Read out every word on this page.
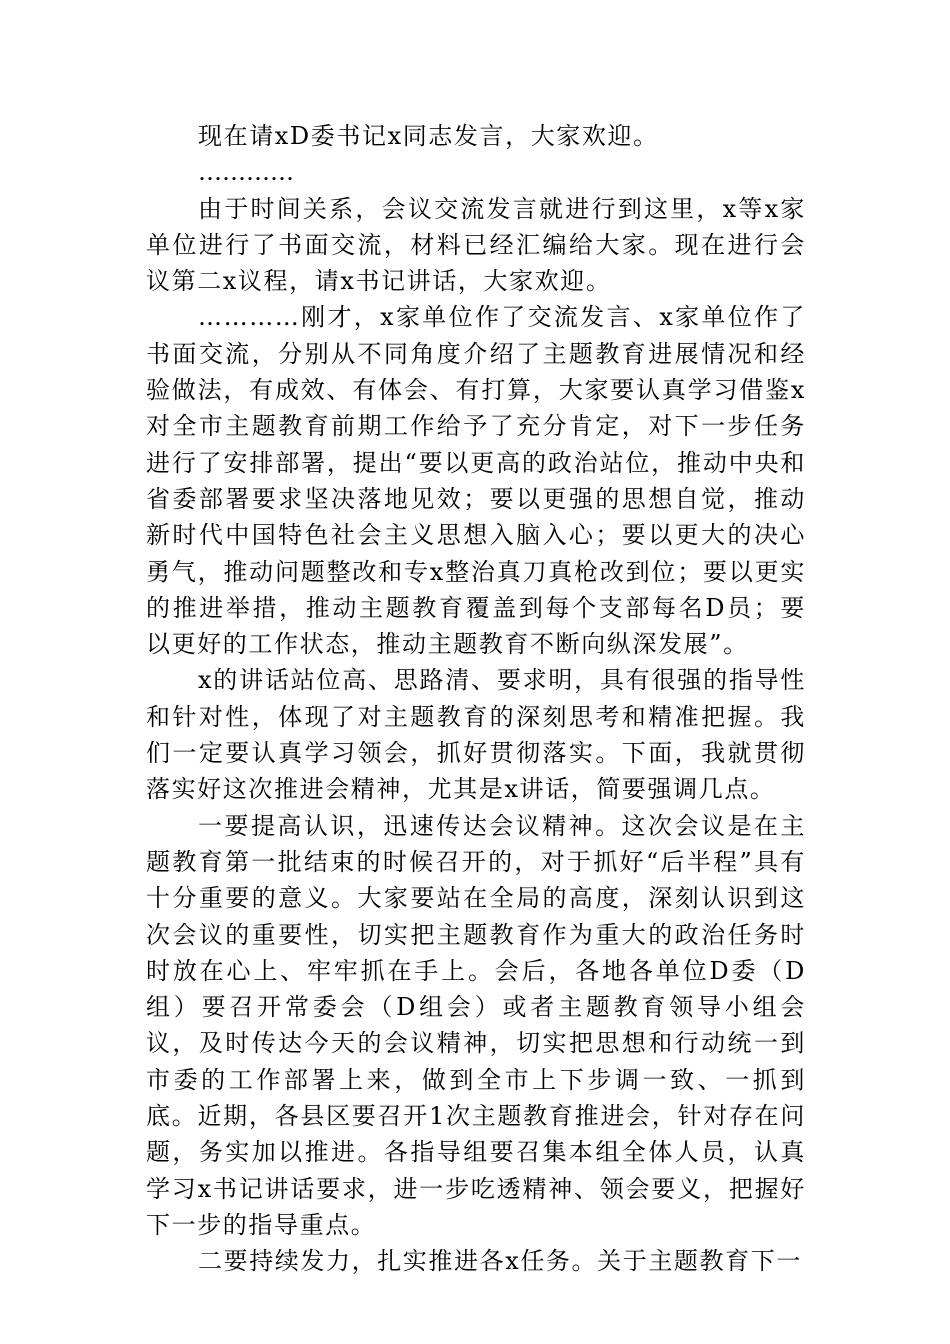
现在请xD委书记x同志发言，大家欢迎。

…………

由于时间关系，会议交流发言就进行到这里，x等x家单位进行了书面交流，材料已经汇编给大家。现在进行会议第二x议程，请x书记讲话，大家欢迎。

…………刚才，x家单位作了交流发言、x家单位作了书面交流，分别从不同角度介绍了主题教育进展情况和经验做法，有成效、有体会、有打算，大家要认真学习借鉴x对全市主题教育前期工作给予了充分肯定，对下一步任务进行了安排部署，提出“要以更高的政治站位，推动中央和省委部署要求坚决落地见效；要以更强的思想自觉，推动新时代中国特色社会主义思想入脑入心；要以更大的决心勇气，推动问题整改和专x整治真刀真枪改到位；要以更实的推进举措，推动主题教育覆盖到每个支部每名D员；要以更好的工作状态，推动主题教育不断向纵深发展”。

x的讲话站位高、思路清、要求明，具有很强的指导性和针对性，体现了对主题教育的深刻思考和精准把握。我们一定要认真学习领会，抓好贯彻落实。下面，我就贯彻落实好这次推进会精神，尤其是x讲话，简要强调几点。

一要提高认识，迅速传达会议精神。这次会议是在主题教育第一批结束的时候召开的，对于抓好“后半程”具有十分重要的意义。大家要站在全局的高度，深刻认识到这次会议的重要性，切实把主题教育作为重大的政治任务时时放在心上、牢牢抓在手上。会后，各地各单位D委（D组）要召开常委会（D组会）或者主题教育领导小组会议，及时传达今天的会议精神，切实把思想和行动统一到市委的工作部署上来，做到全市上下步调一致、一抓到底。近期，各县区要召开1次主题教育推进会，针对存在问题，务实加以推进。各指导组要召集本组全体人员，认真学习x书记讲话要求，进一步吃透精神、领会要义，把握好下一步的指导重点。

二要持续发力，扎实推进各x任务。关于主题教育下一
